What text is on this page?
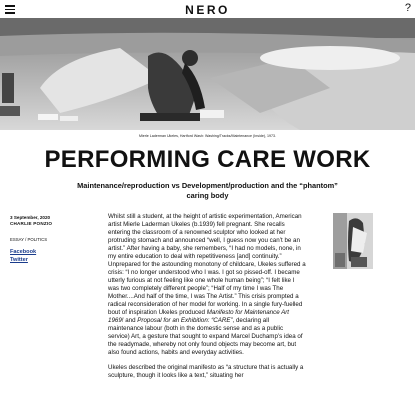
NERO	?
Mierle Laderman Ukeles, Hartford Wash: Washing/Tracks/Maintenance (Inside), 1973.
PERFORMING CARE WORK
Maintenance/reproduction vs Development/production and the “phantom” caring body
3 September, 2020
CHARLIE PONZIO
ESSAY / POLITICS
Facebook
Twitter

Whilst still a student, at the height of artistic experimentation, American artist Mierle Laderman Ukeles (b.1939) fell pregnant. She recalls entering the classroom of a renowned sculptor who looked at her protruding stomach and announced “well, I guess now you can’t be an artist.” After having a baby, she remembers, “I had no models, none, in my entire education to deal with repetitiveness [and] continuity.” Unprepared for the astounding monotony of childcare, Ukeles suffered a crisis: “I no longer understood who I was. I got so pissed-off. I became utterly furious at not feeling like one whole human being”; “I felt like I was two completely different people”; “Half of my time I was The Mother....And half of the time, I was The Artist.” This crisis prompted a radical reconsideration of her model for working. In a single fury-fuelled bout of inspiration Ukeles produced Manifesto for Maintenance Art 1969! and Proposal for an Exhibition: “CARE”, declaring all maintenance labour (both in the domestic sense and as a public service) Art, a gesture that sought to expand Marcel Duchamp’s idea of the readymade, whereby not only found objects may become art, but also found actions, habits and everyday activities.

Ukeles described the original manifesto as “a structure that is actually a sculpture, though it looks like a text,” situating her
